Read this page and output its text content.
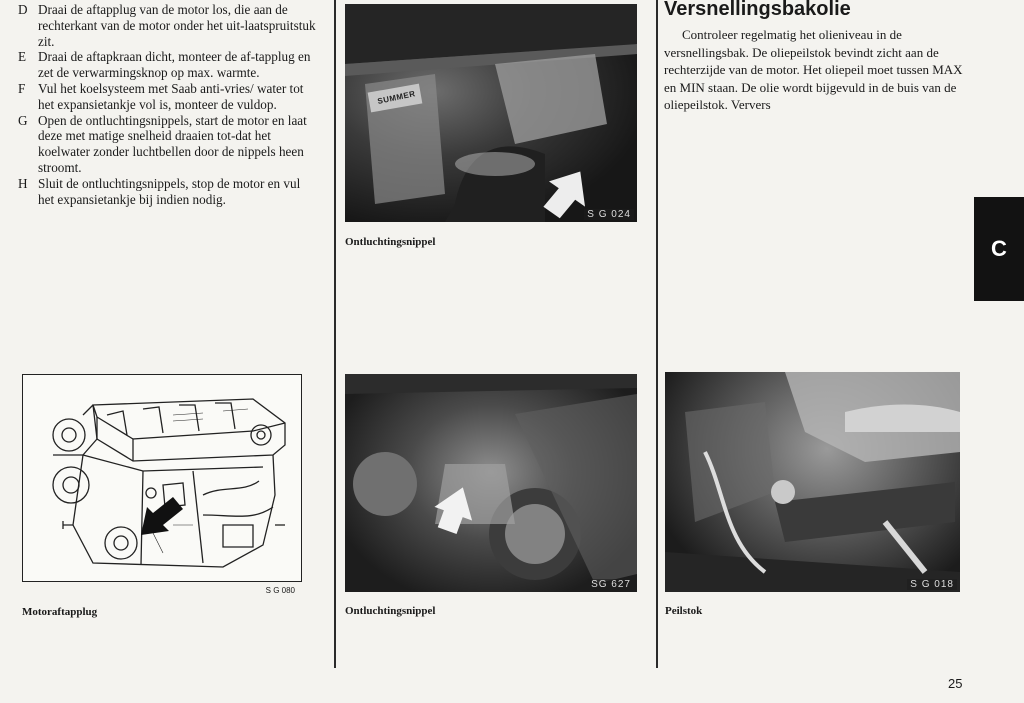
D Draai de aftapplug van de motor los, die aan de rechterkant van de motor onder het uit-laatspruitstuk zit.
E Draai de aftapkraan dicht, monteer de af-tapplug en zet de verwarmingsknop op max. warmte.
F Vul het koelsysteem met Saab anti-vries/ water tot het expansietankje vol is, monteer de vuldop.
G Open de ontluchtingsnippels, start de motor en laat deze met matige snelheid draaien tot-dat het koelwater zonder luchtbellen door de nippels heen stroomt.
H Sluit de ontluchtingsnippels, stop de motor en vul het expansietankje bij indien nodig.
S G 080
Motoraftapplug
S G 024
SUMMER
Ontluchtingsnippel
SG 627
Ontluchtingsnippel
Versnellingsbakolie
Controleer regelmatig het olieniveau in de versnellingsbak. De oliepeilstok bevindt zicht aan de rechterzijde van de motor. Het oliepeil moet tussen MAX en MIN staan. De olie wordt bijgevuld in de buis van de oliepeilstok. Ververs
S G 018
Peilstok
C
25
